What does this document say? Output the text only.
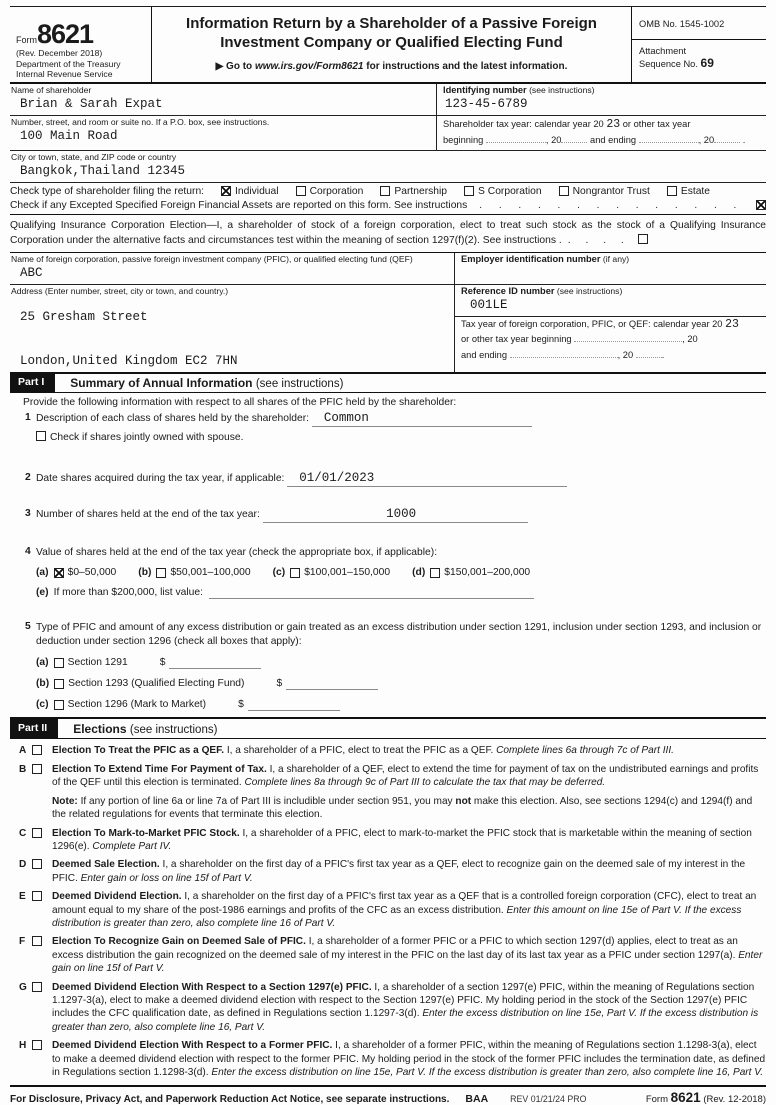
Form8621
(Rev. December 2018)
Department of the Treasury
Internal Revenue Service
Information Return by a Shareholder of a Passive Foreign
Investment Company or Qualified Electing Fund
▶ Go to www.irs.gov/Form8621 for instructions and the latest information.
OMB No. 1545-1002
Attachment
Sequence No. 69
Name of shareholder
Brian & Sarah Expat
Identifying number (see instructions)
123-45-6789
Number, street, and room or suite no. If a P.O. box, see instructions.
100 Main Road
Shareholder tax year: calendar year 20 23 or other tax year
beginning	, 20	and ending	, 20	.
City or town, state, and ZIP code or country
Bangkok,Thailand 12345
Check type of shareholder filing the return:	Individual	Corporation	Partnership	S Corporation	Nongrantor Trust	Estate
Check if any Excepted Specified Foreign Financial Assets are reported on this form. See instructions	. . . . . . . . . . . . . .
Qualifying Insurance Corporation Election—I, a shareholder of stock of a foreign corporation, elect to treat such stock as the stock of a Qualifying Insurance Corporation under the alternative facts and circumstances test within the meaning of section 1297(f)(2). See instructions . . . . .
Name of foreign corporation, passive foreign investment company (PFIC), or qualified electing fund (QEF)
ABC
Employer identification number (if any)

Address (Enter number, street, city or town, and country.)
25 Gresham Street
London,United Kingdom EC2 7HN
Reference ID number (see instructions)
001LE
Tax year of foreign corporation, PFIC, or QEF: calendar year 20 23
or other tax year beginning	, 20
and ending	, 20	.
Part I	Summary of Annual Information (see instructions)
Provide the following information with respect to all shares of the PFIC held by the shareholder:
1 Description of each class of shares held by the shareholder: Common
Check if shares jointly owned with spouse.
2 Date shares acquired during the tax year, if applicable: 01/01/2023
3 Number of shares held at the end of the tax year:	1000
4 Value of shares held at the end of the tax year (check the appropriate box, if applicable):
(a) $0–50,000 (b) $50,001–100,000 (c) $100,001–150,000 (d) $150,001–200,000
(e) If more than $200,000, list value:
5 Type of PFIC and amount of any excess distribution or gain treated as an excess distribution under section 1291, inclusion under section 1293, and inclusion or deduction under section 1296 (check all boxes that apply):
(a) Section 1291	$
(b) Section 1293 (Qualified Electing Fund)	$
(c) Section 1296 (Mark to Market)	$
Part II	Elections (see instructions)
A	Election To Treat the PFIC as a QEF. I, a shareholder of a PFIC, elect to treat the PFIC as a QEF. Complete lines 6a through 7c of Part III.
B	Election To Extend Time For Payment of Tax. I, a shareholder of a QEF, elect to extend the time for payment of tax on the undistributed earnings and profits of the QEF until this election is terminated. Complete lines 8a through 9c of Part III to calculate the tax that may be deferred.
Note: If any portion of line 6a or line 7a of Part III is includible under section 951, you may not make this election. Also, see sections 1294(c) and 1294(f) and the related regulations for events that terminate this election.
C	Election To Mark-to-Market PFIC Stock. I, a shareholder of a PFIC, elect to mark-to-market the PFIC stock that is marketable within the meaning of section 1296(e). Complete Part IV.
D	Deemed Sale Election. I, a shareholder on the first day of a PFIC's first tax year as a QEF, elect to recognize gain on the deemed sale of my interest in the PFIC. Enter gain or loss on line 15f of Part V.
E	Deemed Dividend Election. I, a shareholder on the first day of a PFIC's first tax year as a QEF that is a controlled foreign corporation (CFC), elect to treat an amount equal to my share of the post-1986 earnings and profits of the CFC as an excess distribution. Enter this amount on line 15e of Part V. If the excess distribution is greater than zero, also complete line 16 of Part V.
F	Election To Recognize Gain on Deemed Sale of PFIC. I, a shareholder of a former PFIC or a PFIC to which section 1297(d) applies, elect to treat as an excess distribution the gain recognized on the deemed sale of my interest in the PFIC on the last day of its last tax year as a PFIC under section 1297(a). Enter gain on line 15f of Part V.
G	Deemed Dividend Election With Respect to a Section 1297(e) PFIC. I, a shareholder of a section 1297(e) PFIC, within the meaning of Regulations section 1.1297-3(a), elect to make a deemed dividend election with respect to the Section 1297(e) PFIC. My holding period in the stock of the Section 1297(e) PFIC includes the CFC qualification date, as defined in Regulations section 1.1297-3(d). Enter the excess distribution on line 15e, Part V. If the excess distribution is greater than zero, also complete line 16, Part V.
H	Deemed Dividend Election With Respect to a Former PFIC. I, a shareholder of a former PFIC, within the meaning of Regulations section 1.1298-3(a), elect to make a deemed dividend election with respect to the former PFIC. My holding period in the stock of the former PFIC includes the termination date, as defined in Regulations section 1.1298-3(d). Enter the excess distribution on line 15e, Part V. If the excess distribution is greater than zero, also complete line 16, Part V.
For Disclosure, Privacy Act, and Paperwork Reduction Act Notice, see separate instructions. BAA	REV 01/21/24 PRO	Form 8621 (Rev. 12-2018)
